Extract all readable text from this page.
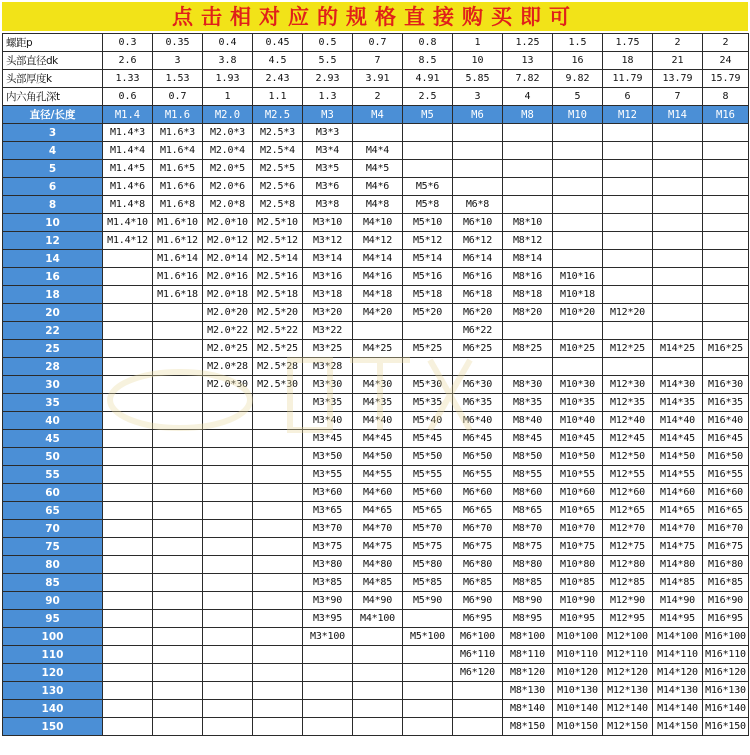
点击相对应的规格直接购买即可
螺距p	0.3	0.35	0.4	0.45	0.5	0.7	0.8	1	1.25	1.5	1.75	2	2
头部直径dk	2.6	3	3.8	4.5	5.5	7	8.5	10	13	16	18	21	24
头部厚度k	1.33	1.53	1.93	2.43	2.93	3.91	4.91	5.85	7.82	9.82	11.79	13.79	15.79
内六角孔深t	0.6	0.7	1	1.1	1.3	2	2.5	3	4	5	6	7	8
直径/长度	M1.4	M1.6	M2.0	M2.5	M3	M4	M5	M6	M8	M10	M12	M14	M16
3	M1.4*3	M1.6*3	M2.0*3	M2.5*3	M3*3								
4	M1.4*4	M1.6*4	M2.0*4	M2.5*4	M3*4	M4*4							
5	M1.4*5	M1.6*5	M2.0*5	M2.5*5	M3*5	M4*5							
6	M1.4*6	M1.6*6	M2.0*6	M2.5*6	M3*6	M4*6	M5*6						
8	M1.4*8	M1.6*8	M2.0*8	M2.5*8	M3*8	M4*8	M5*8	M6*8					
10	M1.4*10	M1.6*10	M2.0*10	M2.5*10	M3*10	M4*10	M5*10	M6*10	M8*10				
12	M1.4*12	M1.6*12	M2.0*12	M2.5*12	M3*12	M4*12	M5*12	M6*12	M8*12				
14		M1.6*14	M2.0*14	M2.5*14	M3*14	M4*14	M5*14	M6*14	M8*14				
16		M1.6*16	M2.0*16	M2.5*16	M3*16	M4*16	M5*16	M6*16	M8*16	M10*16			
18		M1.6*18	M2.0*18	M2.5*18	M3*18	M4*18	M5*18	M6*18	M8*18	M10*18			
20			M2.0*20	M2.5*20	M3*20	M4*20	M5*20	M6*20	M8*20	M10*20	M12*20		
22			M2.0*22	M2.5*22	M3*22			M6*22					
25			M2.0*25	M2.5*25	M3*25	M4*25	M5*25	M6*25	M8*25	M10*25	M12*25	M14*25	M16*25
28			M2.0*28	M2.5*28	M3*28								
30			M2.0*30	M2.5*30	M3*30	M4*30	M5*30	M6*30	M8*30	M10*30	M12*30	M14*30	M16*30
35					M3*35	M4*35	M5*35	M6*35	M8*35	M10*35	M12*35	M14*35	M16*35
40					M3*40	M4*40	M5*40	M6*40	M8*40	M10*40	M12*40	M14*40	M16*40
45					M3*45	M4*45	M5*45	M6*45	M8*45	M10*45	M12*45	M14*45	M16*45
50					M3*50	M4*50	M5*50	M6*50	M8*50	M10*50	M12*50	M14*50	M16*50
55					M3*55	M4*55	M5*55	M6*55	M8*55	M10*55	M12*55	M14*55	M16*55
60					M3*60	M4*60	M5*60	M6*60	M8*60	M10*60	M12*60	M14*60	M16*60
65					M3*65	M4*65	M5*65	M6*65	M8*65	M10*65	M12*65	M14*65	M16*65
70					M3*70	M4*70	M5*70	M6*70	M8*70	M10*70	M12*70	M14*70	M16*70
75					M3*75	M4*75	M5*75	M6*75	M8*75	M10*75	M12*75	M14*75	M16*75
80					M3*80	M4*80	M5*80	M6*80	M8*80	M10*80	M12*80	M14*80	M16*80
85					M3*85	M4*85	M5*85	M6*85	M8*85	M10*85	M12*85	M14*85	M16*85
90					M3*90	M4*90	M5*90	M6*90	M8*90	M10*90	M12*90	M14*90	M16*90
95					M3*95	M4*100		M6*95	M8*95	M10*95	M12*95	M14*95	M16*95
100					M3*100		M5*100	M6*100	M8*100	M10*100	M12*100	M14*100	M16*100
110								M6*110	M8*110	M10*110	M12*110	M14*110	M16*110
120								M6*120	M8*120	M10*120	M12*120	M14*120	M16*120
130									M8*130	M10*130	M12*130	M14*130	M16*130
140									M8*140	M10*140	M12*140	M14*140	M16*140
150									M8*150	M10*150	M12*150	M14*150	M16*150
